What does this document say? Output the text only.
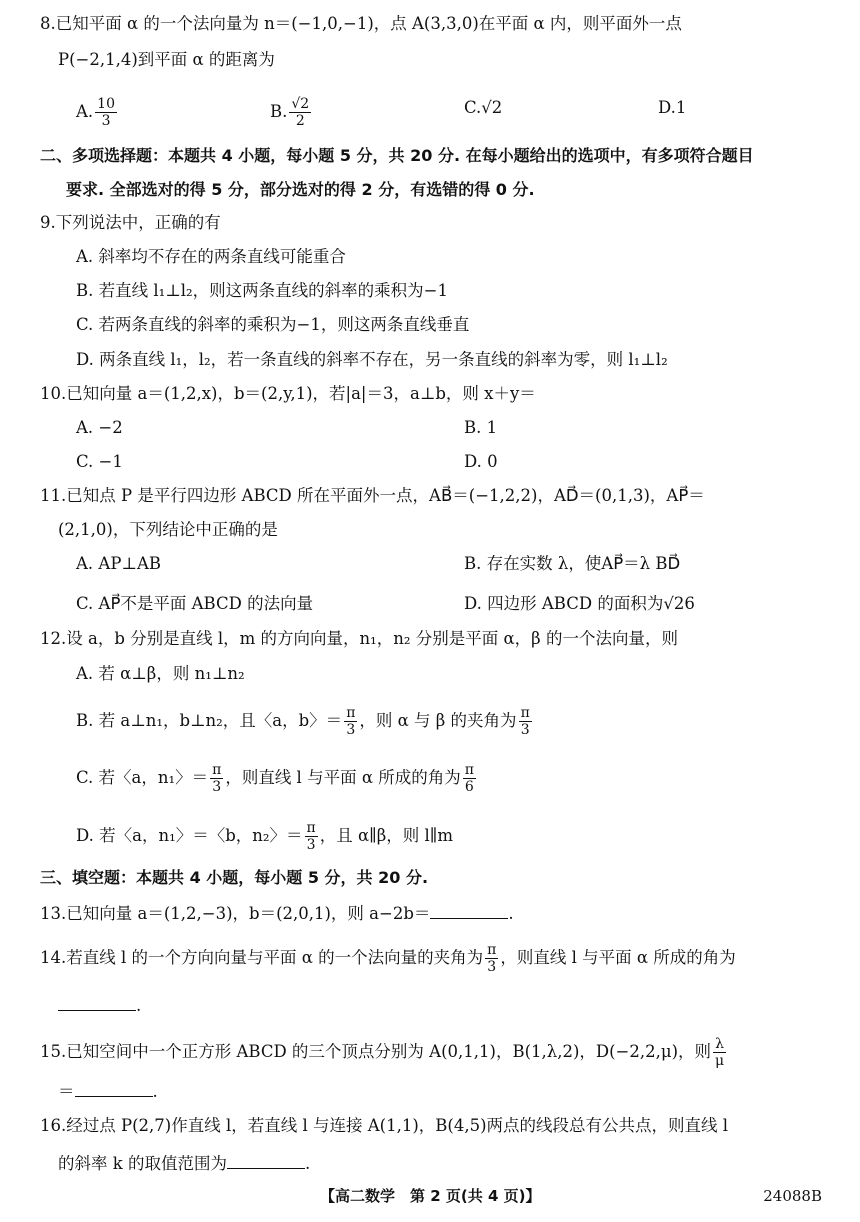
8.已知平面 α 的一个法向量为 n＝(−1,0,−1)，点 A(3,3,0)在平面 α 内，则平面外一点
P(−2,1,4)到平面 α 的距离为
A. $\frac{10}{3}$	B. $\frac{√2}{2}$	C.√2	D.1
二、多项选择题：本题共 4 小题，每小题 5 分，共 20 分. 在每小题给出的选项中，有多项符合题目
要求. 全部选对的得 5 分，部分选对的得 2 分，有选错的得 0 分.
9.下列说法中，正确的有
A. 斜率均不存在的两条直线可能重合
B. 若直线 l₁⊥l₂，则这两条直线的斜率的乘积为−1
C. 若两条直线的斜率的乘积为−1，则这两条直线垂直
D. 两条直线 l₁，l₂，若一条直线的斜率不存在，另一条直线的斜率为零，则 l₁⊥l₂
10.已知向量 a＝(1,2,x)，b＝(2,y,1)，若|a|＝3，a⊥b，则 x＋y＝
A. −2	B. 1
C. −1	D. 0
11.已知点 P 是平行四边形 ABCD 所在平面外一点，AB⃗＝(−1,2,2)，AD⃗＝(0,1,3)，AP⃗＝
(2,1,0)，下列结论中正确的是
A. AP⊥AB	B. 存在实数 λ，使AP⃗＝λ BD⃗
C. AP⃗不是平面 ABCD 的法向量	D. 四边形 ABCD 的面积为√26
12.设 a，b 分别是直线 l，m 的方向向量，n₁，n₂ 分别是平面 α，β 的一个法向量，则
A. 若 α⊥β，则 n₁⊥n₂
B. 若 a⊥n₁，b⊥n₂，且〈a，b〉＝ $\frac{\pi}{3}$ ，则 α 与 β 的夹角为 $\frac{\pi}{3}$
C. 若〈a，n₁〉＝ $\frac{\pi}{3}$ ，则直线 l 与平面 α 所成的角为 $\frac{\pi}{6}$
D. 若〈a，n₁〉＝〈b，n₂〉＝ $\frac{\pi}{3}$ ，且 α∥β，则 l∥m
三、填空题：本题共 4 小题，每小题 5 分，共 20 分.
13.已知向量 a＝(1,2,−3)，b＝(2,0,1)，则 a−2b＝	.
14.若直线 l 的一个方向向量与平面 α 的一个法向量的夹角为 $\frac{\pi}{3}$ ，则直线 l 与平面 α 所成的角为
.
15.已知空间中一个正方形 ABCD 的三个顶点分别为 A(0,1,1)，B(1,λ,2)，D(−2,2,μ)，则 $\frac{\lambda}{\mu}$
＝	.
16.经过点 P(2,7)作直线 l，若直线 l 与连接 A(1,1)，B(4,5)两点的线段总有公共点，则直线 l
的斜率 k 的取值范围为	.
【高二数学　第 2 页(共 4 页)】	24088B
